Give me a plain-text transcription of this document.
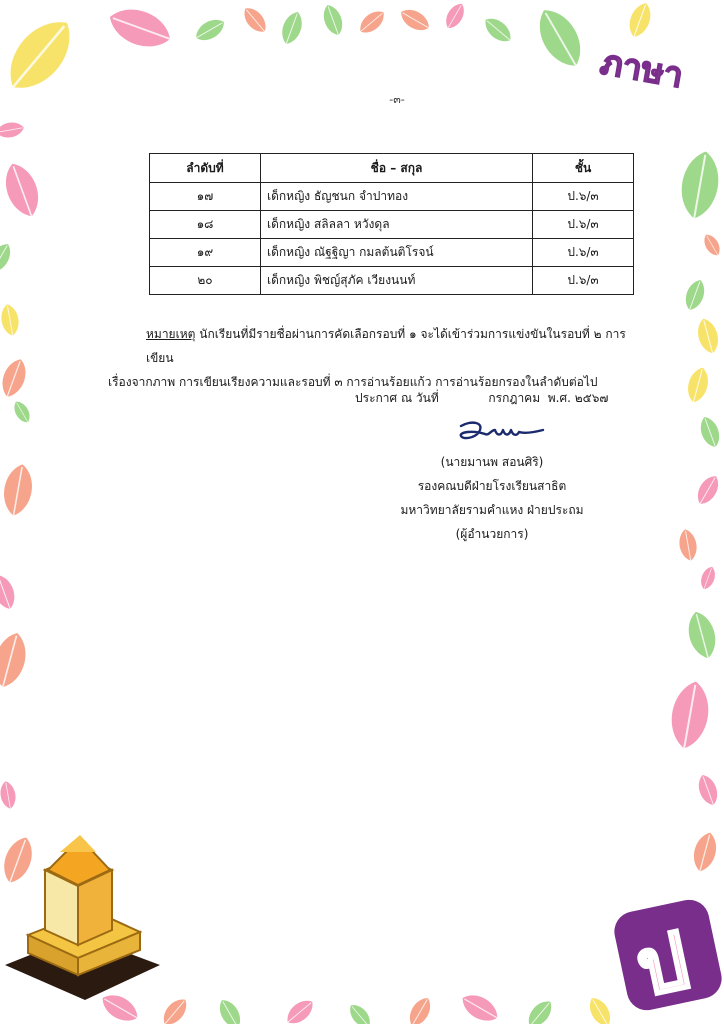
ภาษา
ป
-๓-
ลำดับที่	ชื่อ – สกุล	ชั้น
๑๗	เด็กหญิง ธัญชนก จำปาทอง	ป.๖/๓
๑๘	เด็กหญิง สลิลลา หวังดุล	ป.๖/๓
๑๙	เด็กหญิง ณัฐฐิญา กมลต้นติโรจน์	ป.๖/๓
๒๐	เด็กหญิง พิชญ์สุภัค เวียงนนท์	ป.๖/๓
หมายเหตุ นักเรียนที่มีรายชื่อผ่านการคัดเลือกรอบที่ ๑ จะได้เข้าร่วมการแข่งขันในรอบที่ ๒ การเขียน
เรื่องจากภาพ การเขียนเรียงความและรอบที่ ๓ การอ่านร้อยแก้ว การอ่านร้อยกรองในลำดับต่อไป
ประกาศ ณ วันที่	กรกฎาคม พ.ศ. ๒๕๖๗
(นายมานพ สอนศิริ)
รองคณบดีฝ่ายโรงเรียนสาธิต
มหาวิทยาลัยรามคำแหง ฝ่ายประถม
(ผู้อำนวยการ)
